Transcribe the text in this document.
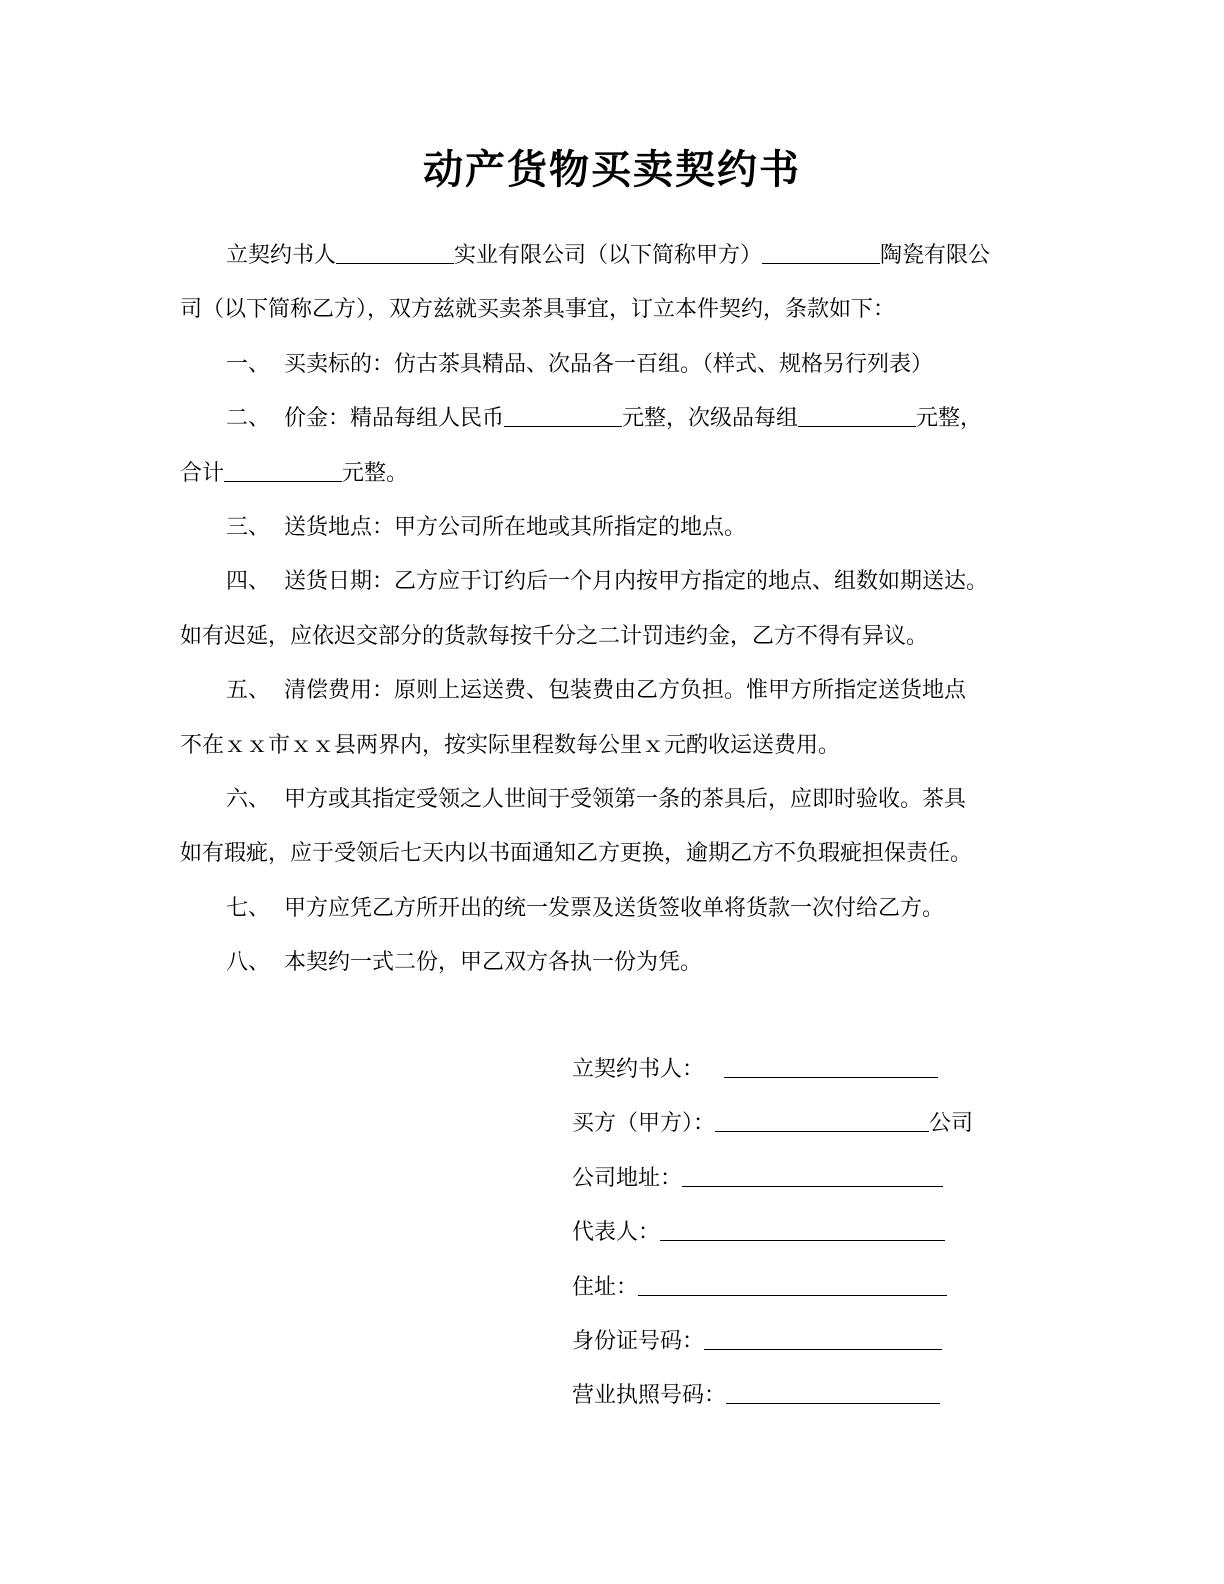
动产货物买卖契约书
立契约书人	实业有限公司（以下简称甲方）	陶瓷有限公
司（以下简称乙方），双方兹就买卖茶具事宜，订立本件契约，条款如下：
一、 买卖标的：仿古茶具精品、次品各一百组。（样式、规格另行列表）
二、 价金：精品每组人民币	元整，次级品每组	元整，
合计	元整。
三、 送货地点：甲方公司所在地或其所指定的地点。
四、 送货日期：乙方应于订约后一个月内按甲方指定的地点、组数如期送达。
如有迟延，应依迟交部分的货款每按千分之二计罚违约金，乙方不得有异议。
五、 清偿费用：原则上运送费、包装费由乙方负担。惟甲方所指定送货地点
不在ｘｘ市ｘｘ县两界内，按实际里程数每公里ｘ元酌收运送费用。
六、 甲方或其指定受领之人世间于受领第一条的茶具后，应即时验收。茶具
如有瑕疵，应于受领后七天内以书面通知乙方更换，逾期乙方不负瑕疵担保责任。
七、 甲方应凭乙方所开出的统一发票及送货签收单将货款一次付给乙方。
八、 本契约一式二份，甲乙双方各执一份为凭。
立契约书人：
买方（甲方）：	公司
公司地址：
代表人：
住址：
身份证号码：
营业执照号码：
